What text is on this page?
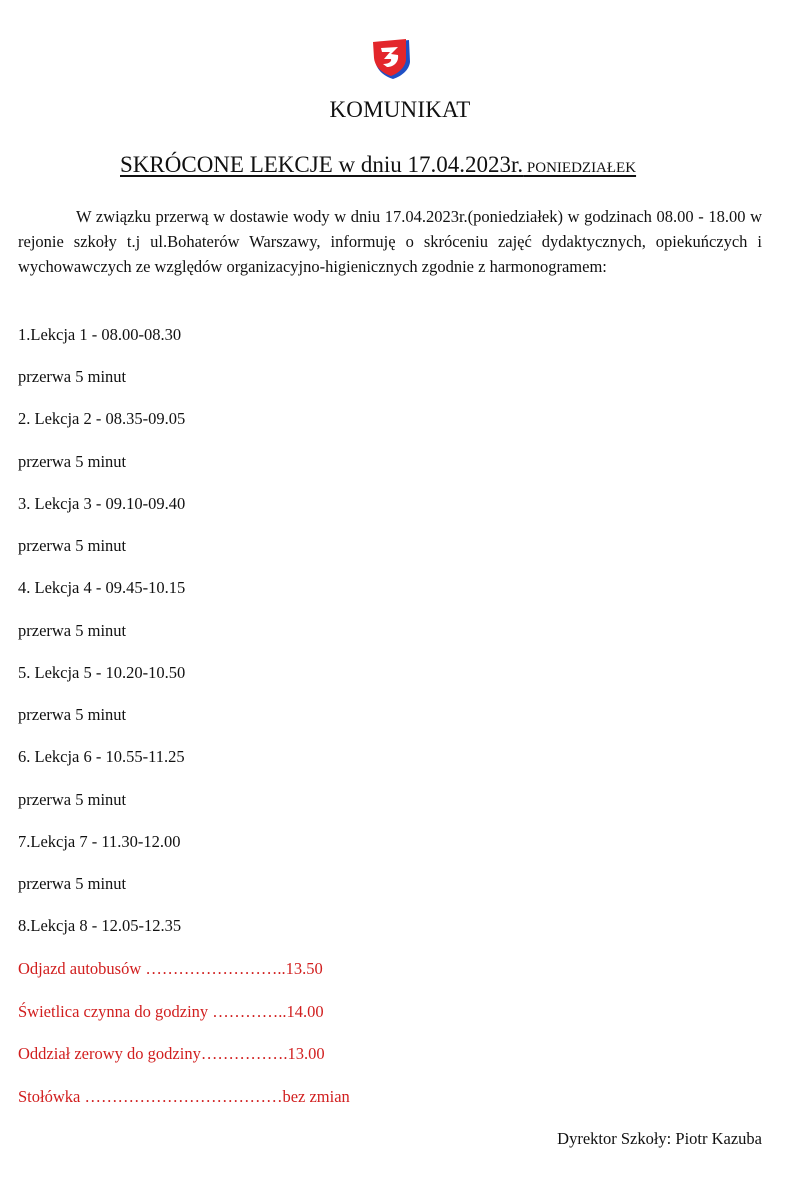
KOMUNIKAT
SKRÓCONE LEKCJE w dniu 17.04.2023r. PONIEDZIAŁEK
W związku przerwą w dostawie wody w dniu 17.04.2023r.(poniedziałek) w godzinach 08.00 - 18.00 w rejonie szkoły t.j ul.Bohaterów Warszawy, informuję o skróceniu zajęć dydaktycznych, opiekuńczych i wychowawczych ze względów organizacyjno-higienicznych zgodnie z harmonogramem:
1.Lekcja 1 - 08.00-08.30
przerwa 5 minut
2. Lekcja 2 - 08.35-09.05
przerwa 5 minut
3. Lekcja 3 - 09.10-09.40
przerwa 5 minut
4. Lekcja 4 - 09.45-10.15
przerwa 5 minut
5. Lekcja 5 - 10.20-10.50
przerwa 5 minut
6. Lekcja 6 - 10.55-11.25
przerwa 5 minut
7.Lekcja 7 - 11.30-12.00
przerwa 5 minut
8.Lekcja 8 - 12.05-12.35
Odjazd autobusów ……………………..13.50
Świetlica czynna do godziny …………..14.00
Oddział zerowy do godziny…………….13.00
Stołówka ………………………………bez zmian
Dyrektor Szkoły: Piotr Kazuba
